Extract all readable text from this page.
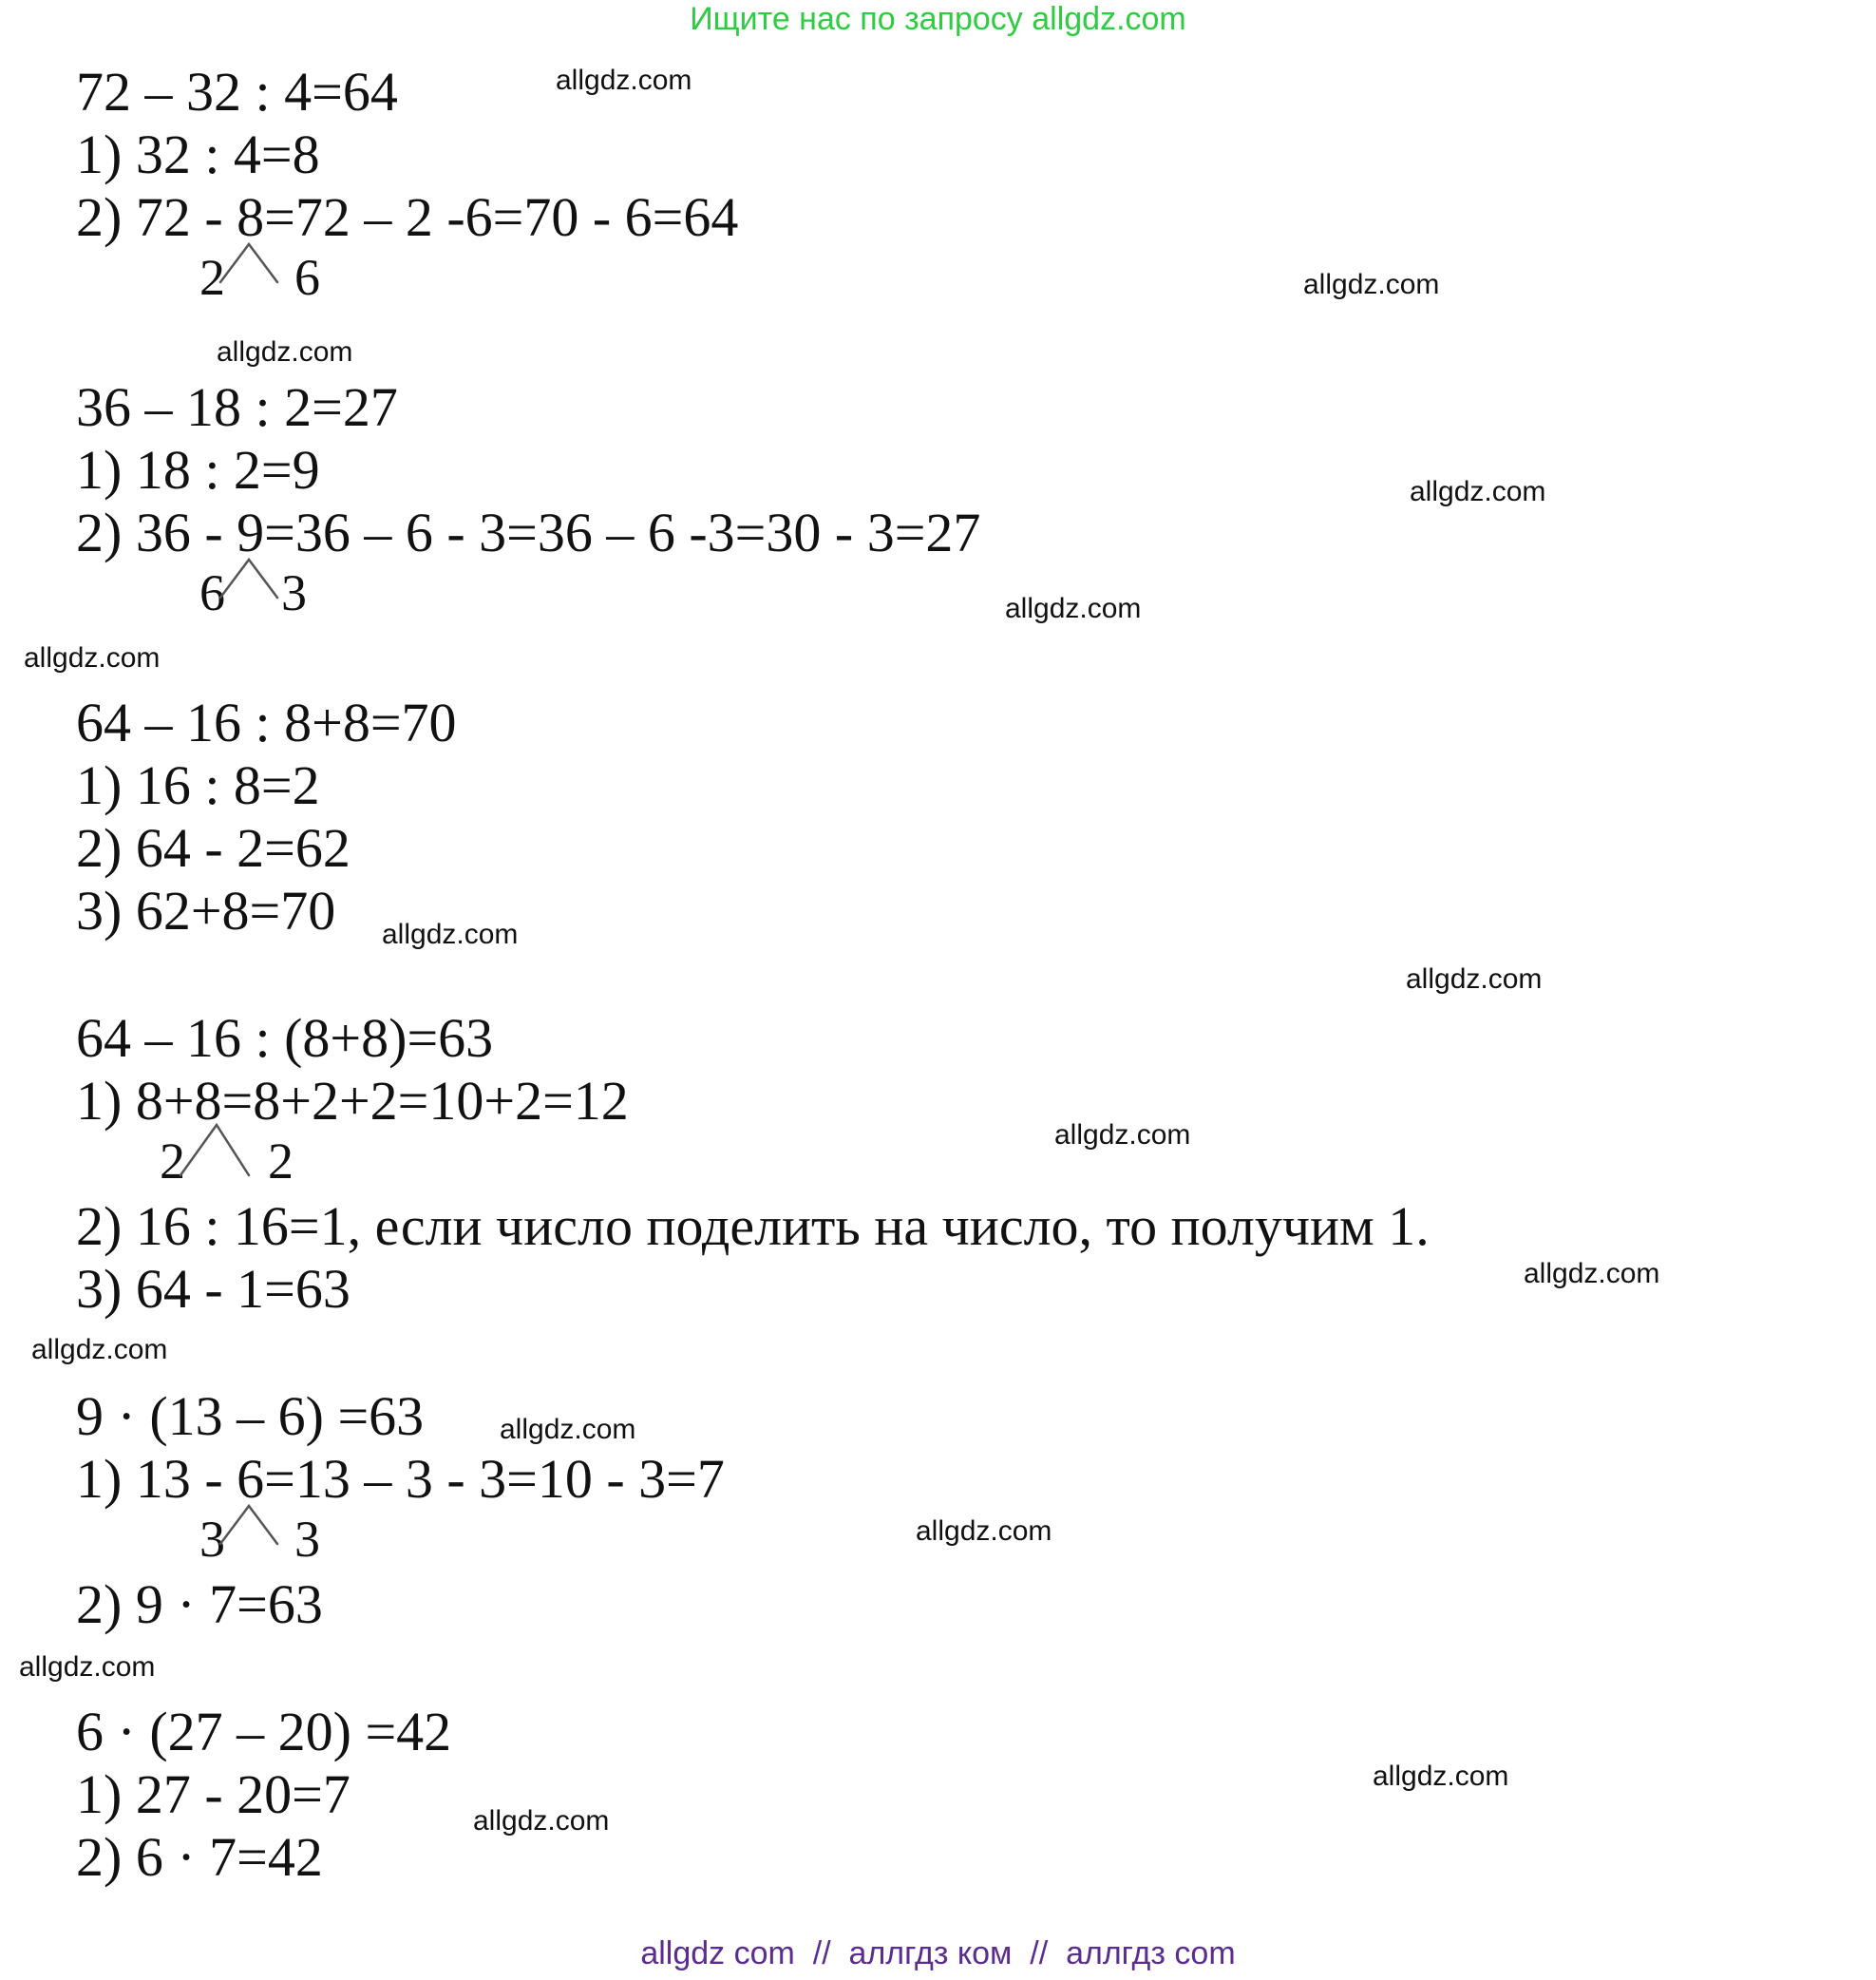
Ищите нас по запросу allgdz.com
72 – 32 : 4=64
1) 32 : 4=8
2) 72 - 8=72 – 2 -6=70 - 6=64
2 6
36 – 18 : 2=27
1) 18 : 2=9
2) 36 - 9=36 – 6 - 3=36 – 6 -3=30 - 3=27
6 3
64 – 16 : 8+8=70
1) 16 : 8=2
2) 64 - 2=62
3) 62+8=70
64 – 16 : (8+8)=63
1) 8+8=8+2+2=10+2=12
2 2
2) 16 : 16=1, если число поделить на число, то получим 1.
3) 64 - 1=63
9 · (13 – 6) =63
1) 13 - 6=13 – 3 - 3=10 - 3=7
3 3
2) 9 · 7=63
6 · (27 – 20) =42
1) 27 - 20=7
2) 6 · 7=42
allgdz.com
allgdz.com
allgdz.com
allgdz.com
allgdz.com
allgdz.com
allgdz.com
allgdz.com
allgdz.com
allgdz.com
allgdz.com
allgdz.com
allgdz.com
allgdz.com
allgdz.com
allgdz.com
allgdz com  //  аллгдз ком  //  аллгдз com
